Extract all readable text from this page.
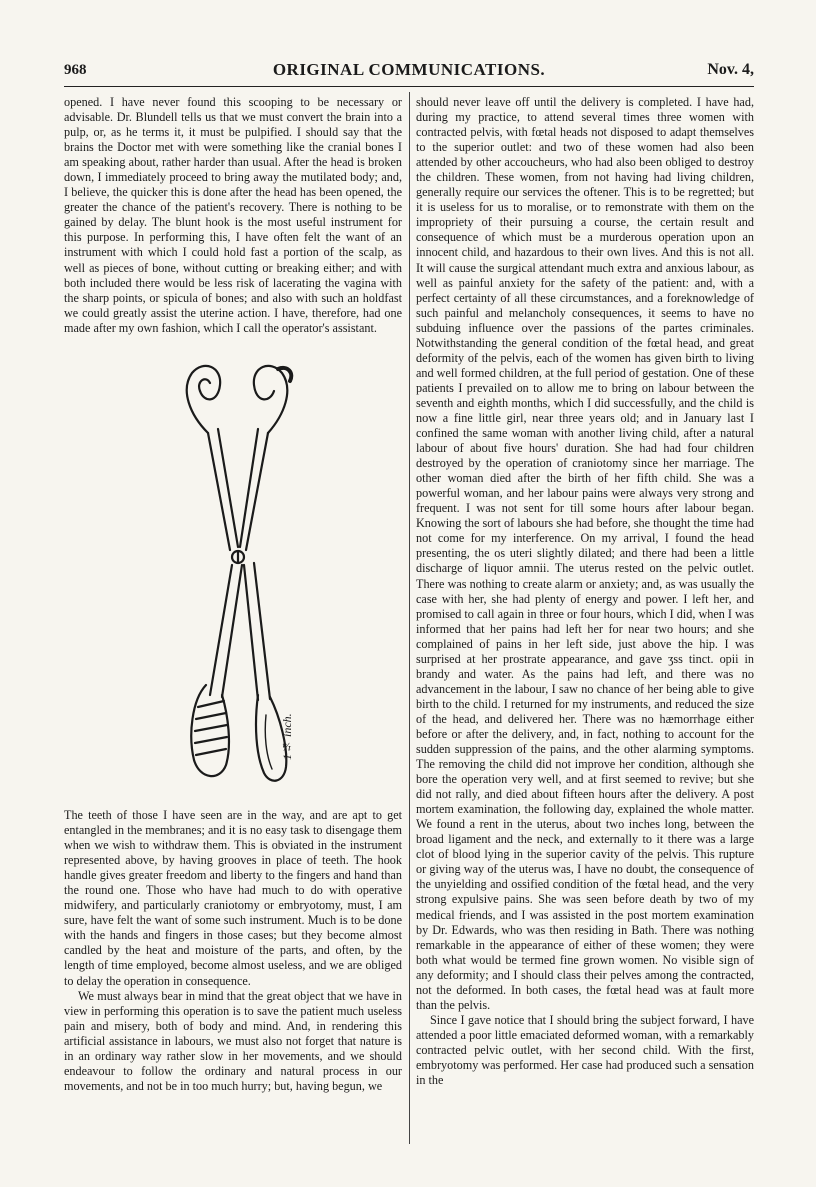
968	ORIGINAL COMMUNICATIONS.	Nov. 4,

opened. I have never found this scooping to be necessary or advisable. Dr. Blundell tells us that we must convert the brain into a pulp, or, as he terms it, it must be pulpified. I should say that the brains the Doctor met with were something like the cranial bones I am speaking about, rather harder than usual. After the head is broken down, I immediately proceed to bring away the mutilated body; and, I believe, the quicker this is done after the head has been opened, the greater the chance of the patient's recovery. There is nothing to be gained by delay. The blunt hook is the most useful instrument for this purpose. In performing this, I have often felt the want of an instrument with which I could hold fast a portion of the scalp, as well as pieces of bone, without cutting or breaking either; and with both included there would be less risk of lacerating the vagina with the sharp points, or spicula of bones; and also with such an holdfast we could greatly assist the uterine action. I have, therefore, had one made after my own fashion, which I call the operator's assistant.

1¼ inch.

The teeth of those I have seen are in the way, and are apt to get entangled in the membranes; and it is no easy task to disengage them when we wish to withdraw them. This is obviated in the instrument represented above, by having grooves in place of teeth. The hook handle gives greater freedom and liberty to the fingers and hand than the round one. Those who have had much to do with operative midwifery, and particularly craniotomy or embryotomy, must, I am sure, have felt the want of some such instrument. Much is to be done with the hands and fingers in those cases; but they become almost candled by the heat and moisture of the parts, and often, by the length of time employed, become almost useless, and we are obliged to delay the operation in consequence.

We must always bear in mind that the great object that we have in view in performing this operation is to save the patient much useless pain and misery, both of body and mind. And, in rendering this artificial assistance in labours, we must also not forget that nature is in an ordinary way rather slow in her movements, and we should endeavour to follow the ordinary and natural process in our movements, and not be in too much hurry; but, having begun, we

should never leave off until the delivery is completed. I have had, during my practice, to attend several times three women with contracted pelvis, with fœtal heads not disposed to adapt themselves to the superior outlet: and two of these women had also been attended by other accoucheurs, who had also been obliged to destroy the children. These women, from not having had living children, generally require our services the oftener. This is to be regretted; but it is useless for us to moralise, or to remonstrate with them on the impropriety of their pursuing a course, the certain result and consequence of which must be a murderous operation upon an innocent child, and hazardous to their own lives. And this is not all. It will cause the surgical attendant much extra and anxious labour, as well as painful anxiety for the safety of the patient: and, with a perfect certainty of all these circumstances, and a foreknowledge of such painful and melancholy consequences, it seems to have no subduing influence over the passions of the partes criminales. Notwithstanding the general condition of the fœtal head, and great deformity of the pelvis, each of the women has given birth to living and well formed children, at the full period of gestation. One of these patients I prevailed on to allow me to bring on labour between the seventh and eighth months, which I did successfully, and the child is now a fine little girl, near three years old; and in January last I confined the same woman with another living child, after a natural labour of about five hours' duration. She had had four children destroyed by the operation of craniotomy since her marriage. The other woman died after the birth of her fifth child. She was a powerful woman, and her labour pains were always very strong and frequent. I was not sent for till some hours after labour began. Knowing the sort of labours she had before, she thought the time had not come for my interference. On my arrival, I found the head presenting, the os uteri slightly dilated; and there had been a little discharge of liquor amnii. The uterus rested on the pelvic outlet. There was nothing to create alarm or anxiety; and, as was usually the case with her, she had plenty of energy and power. I left her, and promised to call again in three or four hours, which I did, when I was informed that her pains had left her for near two hours; and she complained of pains in her left side, just above the hip. I was surprised at her prostrate appearance, and gave ʒss tinct. opii in brandy and water. As the pains had left, and there was no advancement in the labour, I saw no chance of her being able to give birth to the child. I returned for my instruments, and reduced the size of the head, and delivered her. There was no hæmorrhage either before or after the delivery, and, in fact, nothing to account for the sudden suppression of the pains, and the other alarming symptoms. The removing the child did not improve her condition, although she bore the operation very well, and at first seemed to revive; but she did not rally, and died about fifteen hours after the delivery. A post mortem examination, the following day, explained the whole matter. We found a rent in the uterus, about two inches long, between the broad ligament and the neck, and externally to it there was a large clot of blood lying in the superior cavity of the pelvis. This rupture or giving way of the uterus was, I have no doubt, the consequence of the unyielding and ossified condition of the fœtal head, and the very strong expulsive pains. She was seen before death by two of my medical friends, and I was assisted in the post mortem examination by Dr. Edwards, who was then residing in Bath. There was nothing remarkable in the appearance of either of these women; they were both what would be termed fine grown women. No visible sign of any deformity; and I should class their pelves among the contracted, not the deformed. In both cases, the fœtal head was at fault more than the pelvis.

Since I gave notice that I should bring the subject forward, I have attended a poor little emaciated deformed woman, with a remarkably contracted pelvic outlet, with her second child. With the first, embryotomy was performed. Her case had produced such a sensation in the
